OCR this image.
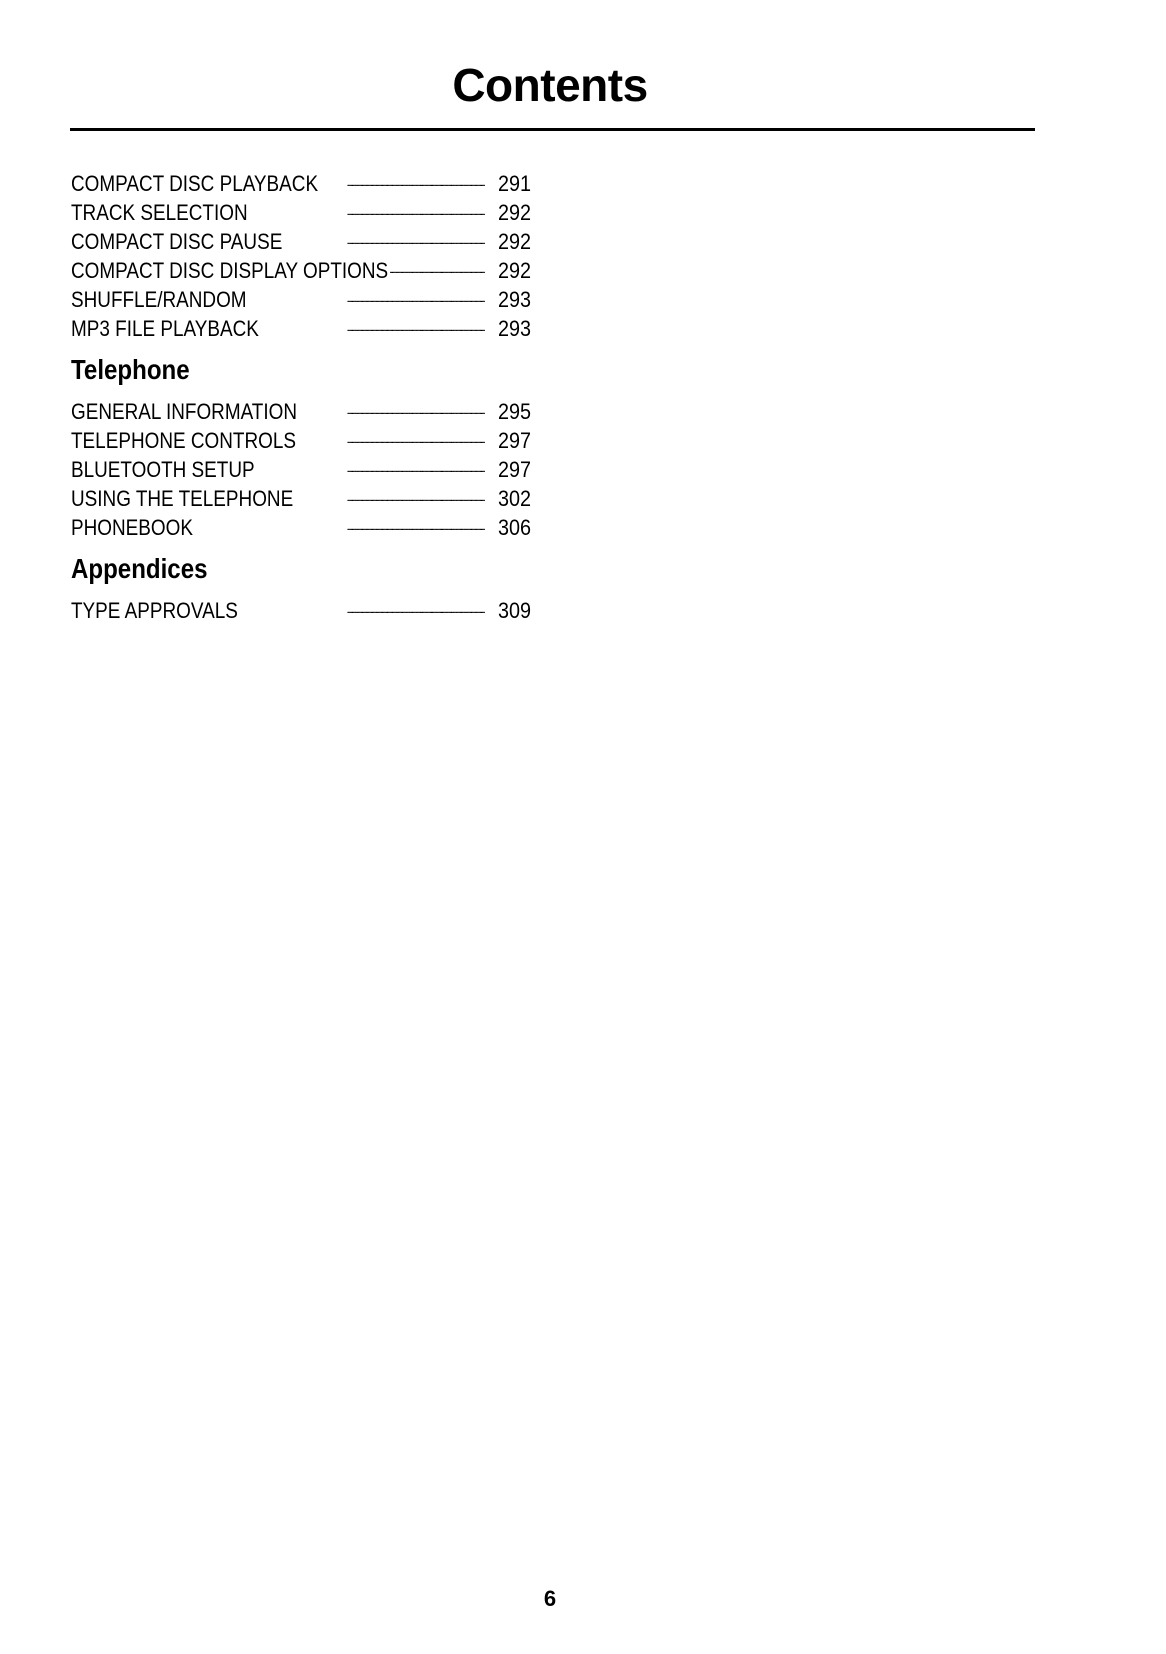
Contents
COMPACT DISC PLAYBACK . . .	291
TRACK SELECTION . . .	292
COMPACT DISC PAUSE . . .	292
COMPACT DISC DISPLAY OPTIONS . . .	292
SHUFFLE/RANDOM . . .	293
MP3 FILE PLAYBACK . . .	293
Telephone
GENERAL INFORMATION . . .	295
TELEPHONE CONTROLS . . .	297
BLUETOOTH SETUP . . .	297
USING THE TELEPHONE . . .	302
PHONEBOOK . . .	306
Appendices
TYPE APPROVALS . . .	309
6
